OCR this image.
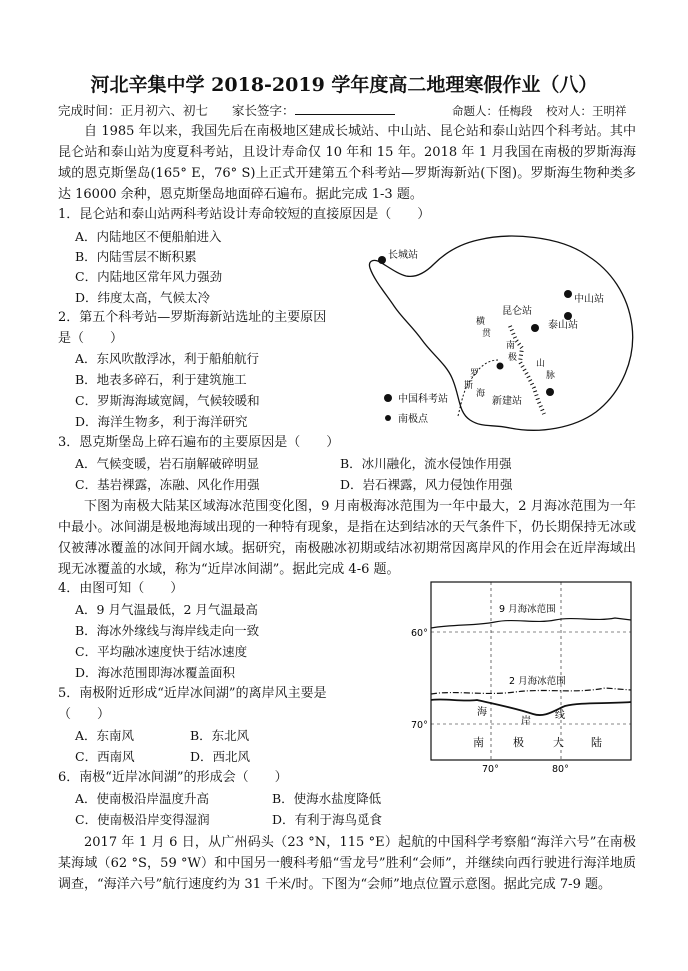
河北辛集中学 2018-2019 学年度高二地理寒假作业（八）
完成时间：正月初六、初七 家长签字：	命题人：任梅段 校对人：王明祥
自 1985 年以来，我国先后在南极地区建成长城站、中山站、昆仑站和泰山站四个科考站。其中昆仑站和泰山站为度夏科考站，且设计寿命仅 10 年和 15 年。2018 年 1 月我国在南极的罗斯海海域的恩克斯堡岛(165° E，76° S)上正式开建第五个科考站—罗斯海新站(下图)。罗斯海生物种类多达 16000 余种，恩克斯堡岛地面碎石遍布。据此完成 1-3 题。
1．昆仑站和泰山站两科考站设计寿命较短的直接原因是（　　）
A．内陆地区不便船舶进入
B．内陆雪层不断积累
C．内陆地区常年风力强劲
D．纬度太高，气候太冷
2．第五个科考站—罗斯海新站选址的主要原因
是（　　）
A．东风吹散浮冰，利于船舶航行
B．地表多碎石，利于建筑施工
C．罗斯海海域宽阔，气候较暖和
D．海洋生物多，利于海洋研究
3．恩克斯堡岛上碎石遍布的主要原因是（　　）
A．气候变暖，岩石崩解破碎明显	B．冰川融化，流水侵蚀作用强
C．基岩裸露，冻融、风化作用强	D．岩石裸露，风力侵蚀作用强
长城站
中山站
昆仑站
泰山站
新建站
横
贯
南
极
山
脉
罗
斯
海
中国科考站
南极点
下图为南极大陆某区域海冰范围变化图，9 月南极海冰范围为一年中最大，2 月海冰范围为一年中最小。冰间湖是极地海域出现的一种特有现象，是指在达到结冰的天气条件下，仍长期保持无冰或仅被薄冰覆盖的冰间开阔水域。据研究，南极融冰初期或结冰初期常因离岸风的作用会在近岸海域出现无冰覆盖的水域，称为“近岸冰间湖”。据此完成 4-6 题。
4．由图可知（　　）
A．9 月气温最低，2 月气温最高
B．海冰外缘线与海岸线走向一致
C．平均融冰速度快于结冰速度
D．海冰范围即海冰覆盖面积
5．南极附近形成“近岸冰间湖”的离岸风主要是
（　　）
A．东南风	B．东北风
C．西南风	D．西北风
6．南极“近岸冰间湖”的形成会（　　）
A．使南极沿岸温度升高	B．使海水盐度降低
C．使南极沿岸变得湿润	D．有利于海鸟觅食
9 月海冰范围
2 月海冰范围
海
岸
线
南	极	大 陆
60°
70°
70°	80°
2017 年 1 月 6 日，从广州码头（23 °N，115 °E）起航的中国科学考察船“海洋六号”在南极某海域（62 °S，59 °W）和中国另一艘科考船“雪龙号”胜利“会师”，并继续向西行驶进行海洋地质调查，“海洋六号”航行速度约为 31 千米/时。下图为“会师”地点位置示意图。据此完成 7-9 题。
